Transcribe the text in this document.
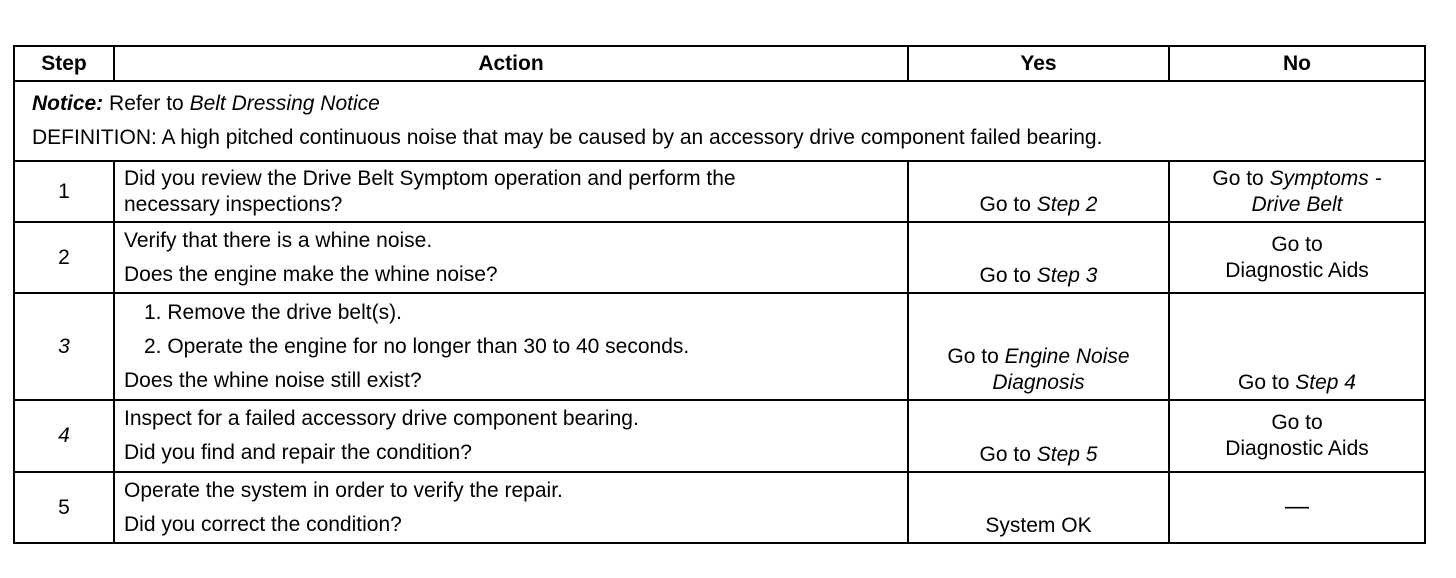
Step	Action	Yes	No

Notice: Refer to Belt Dressing Notice
DEFINITION: A high pitched continuous noise that may be caused by an accessory drive component failed bearing.			

1	Did you review the Drive Belt Symptom operation and perform the
necessary inspections?	Go to Step 2	Go to Symptoms -
Drive Belt

2	Verify that there is a whine noise.
Does the engine make the whine noise?	Go to Step 3	Go to
Diagnostic Aids

3	1. Remove the drive belt(s).
2. Operate the engine for no longer than 30 to 40 seconds.
Does the whine noise still exist?	Go to Engine Noise
Diagnosis	Go to Step 4
4	Inspect for a failed accessory drive component bearing.
Did you find and repair the condition?	Go to Step 5	Go to
Diagnostic Aids

5	Operate the system in order to verify the repair.
Did you correct the condition?	System OK	—
